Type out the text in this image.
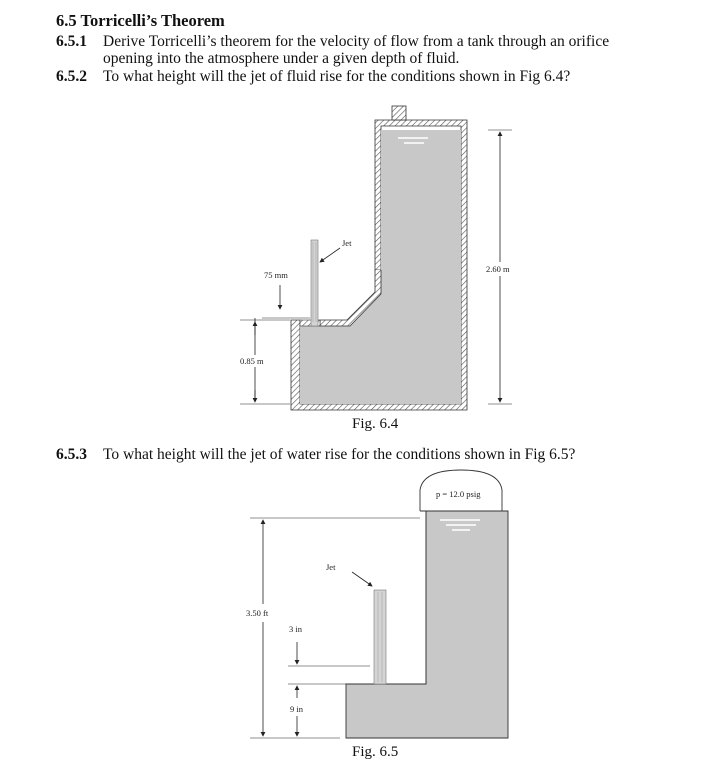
6.5 Torricelli’s Theorem
6.5.1 Derive Torricelli’s theorem for the velocity of flow from a tank through an orifice
opening into the atmosphere under a given depth of fluid.
6.5.2 To what height will the jet of fluid rise for the conditions shown in Fig 6.4?
6.5.3 To what height will the jet of water rise for the conditions shown in Fig 6.5?
Jet
75 mm
0.85 m
2.60 m
Fig. 6.4
p = 12.0 psig
Jet
3.50 ft
3 in
9 in
Fig. 6.5
